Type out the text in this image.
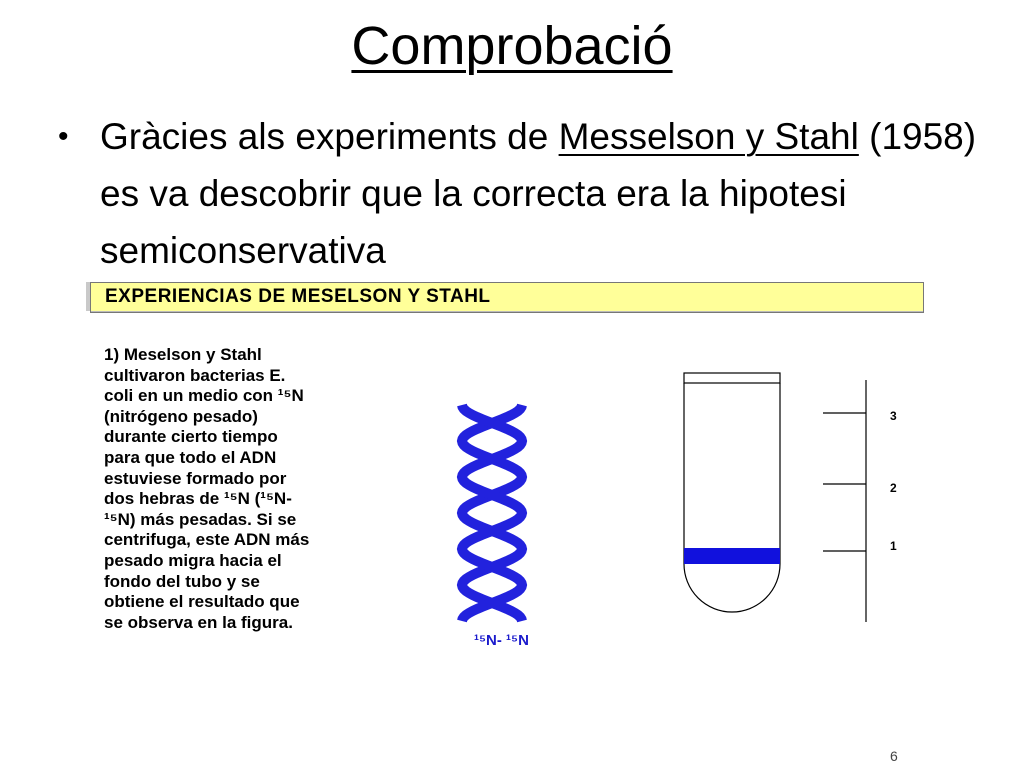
Comprobació
• Gràcies als experiments de Messelson y Stahl (1958) es va descobrir que la correcta era la hipotesi semiconservativa
EXPERIENCIAS DE MESELSON Y STAHL
1) Meselson y Stahl
cultivaron bacterias E.
coli en un medio con ¹⁵N
(nitrógeno pesado)
durante cierto tiempo
para que todo el ADN
estuviese formado por
dos hebras de ¹⁵N (¹⁵N-
¹⁵N) más pesadas. Si se
centrifuga, este ADN más
pesado migra hacia el
fondo del tubo y se
obtiene el resultado que
se observa en la figura.
3
2
1
¹⁵N- ¹⁵N
6
